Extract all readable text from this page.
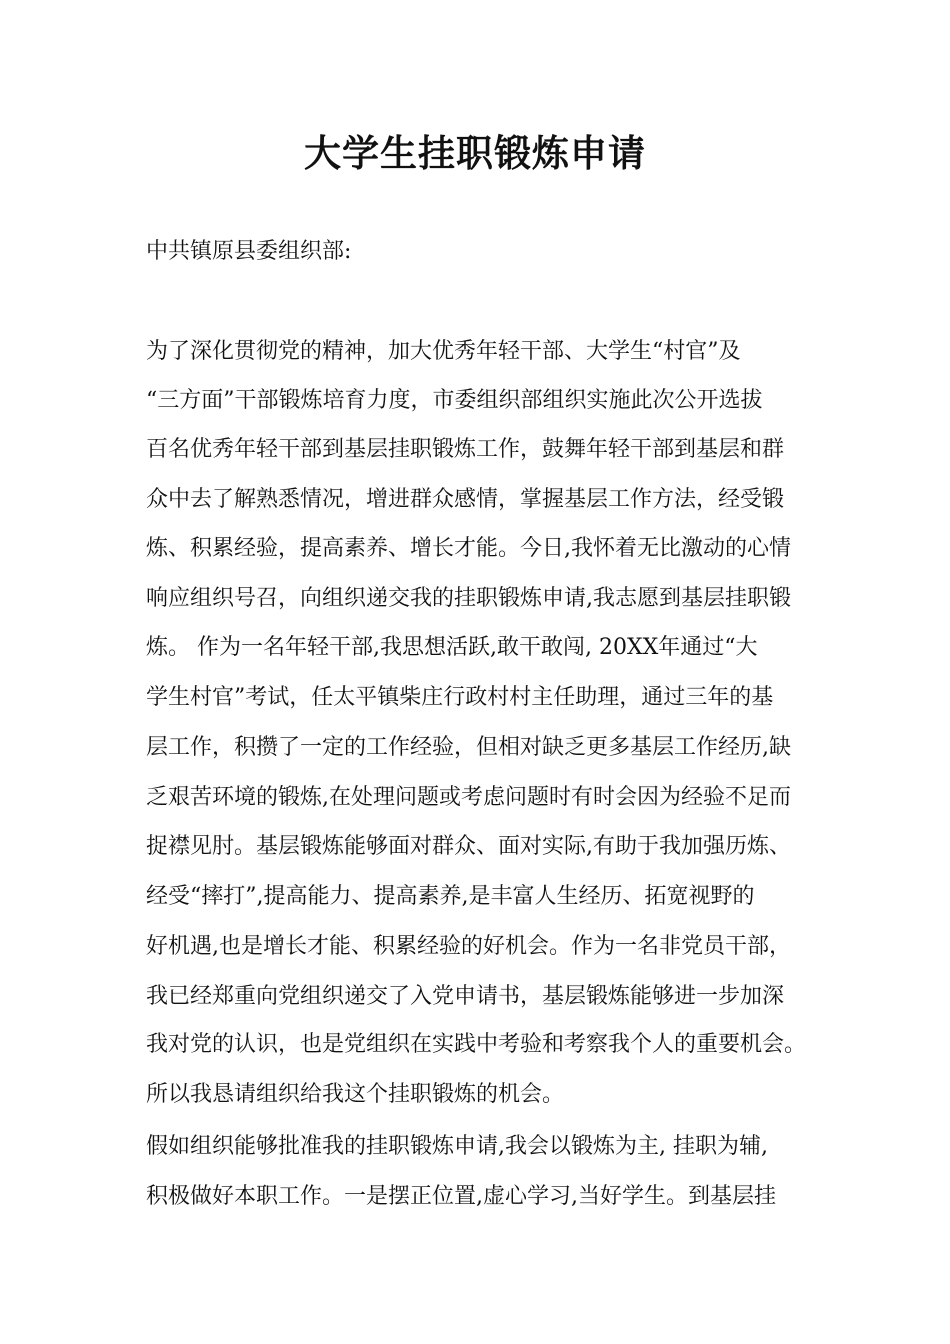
大学生挂职锻炼申请

中共镇原县委组织部:

为了深化贯彻党的精神，加大优秀年轻干部、大学生“村官”及

“三方面”干部锻炼培育力度，市委组织部组织实施此次公开选拔

百名优秀年轻干部到基层挂职锻炼工作，鼓舞年轻干部到基层和群

众中去了解熟悉情况，增进群众感情，掌握基层工作方法，经受锻

炼、积累经验，提高素养、增长才能。今日,我怀着无比激动的心情

响应组织号召，向组织递交我的挂职锻炼申请,我志愿到基层挂职锻

炼。 作为一名年轻干部,我思想活跃,敢干敢闯, 20XX年通过“大

学生村官”考试，任太平镇柴庄行政村村主任助理，通过三年的基

层工作，积攒了一定的工作经验，但相对缺乏更多基层工作经历,缺

乏艰苦环境的锻炼,在处理问题或考虑问题时有时会因为经验不足而

捉襟见肘。基层锻炼能够面对群众、面对实际,有助于我加强历炼、

经受“摔打”,提高能力、提高素养,是丰富人生经历、拓宽视野的

好机遇,也是增长才能、积累经验的好机会。作为一名非党员干部，

我已经郑重向党组织递交了入党申请书，基层锻炼能够进一步加深

我对党的认识，也是党组织在实践中考验和考察我个人的重要机会。

所以我恳请组织给我这个挂职锻炼的机会。

假如组织能够批准我的挂职锻炼申请,我会以锻炼为主, 挂职为辅,

积极做好本职工作。一是摆正位置,虚心学习,当好学生。到基层挂
